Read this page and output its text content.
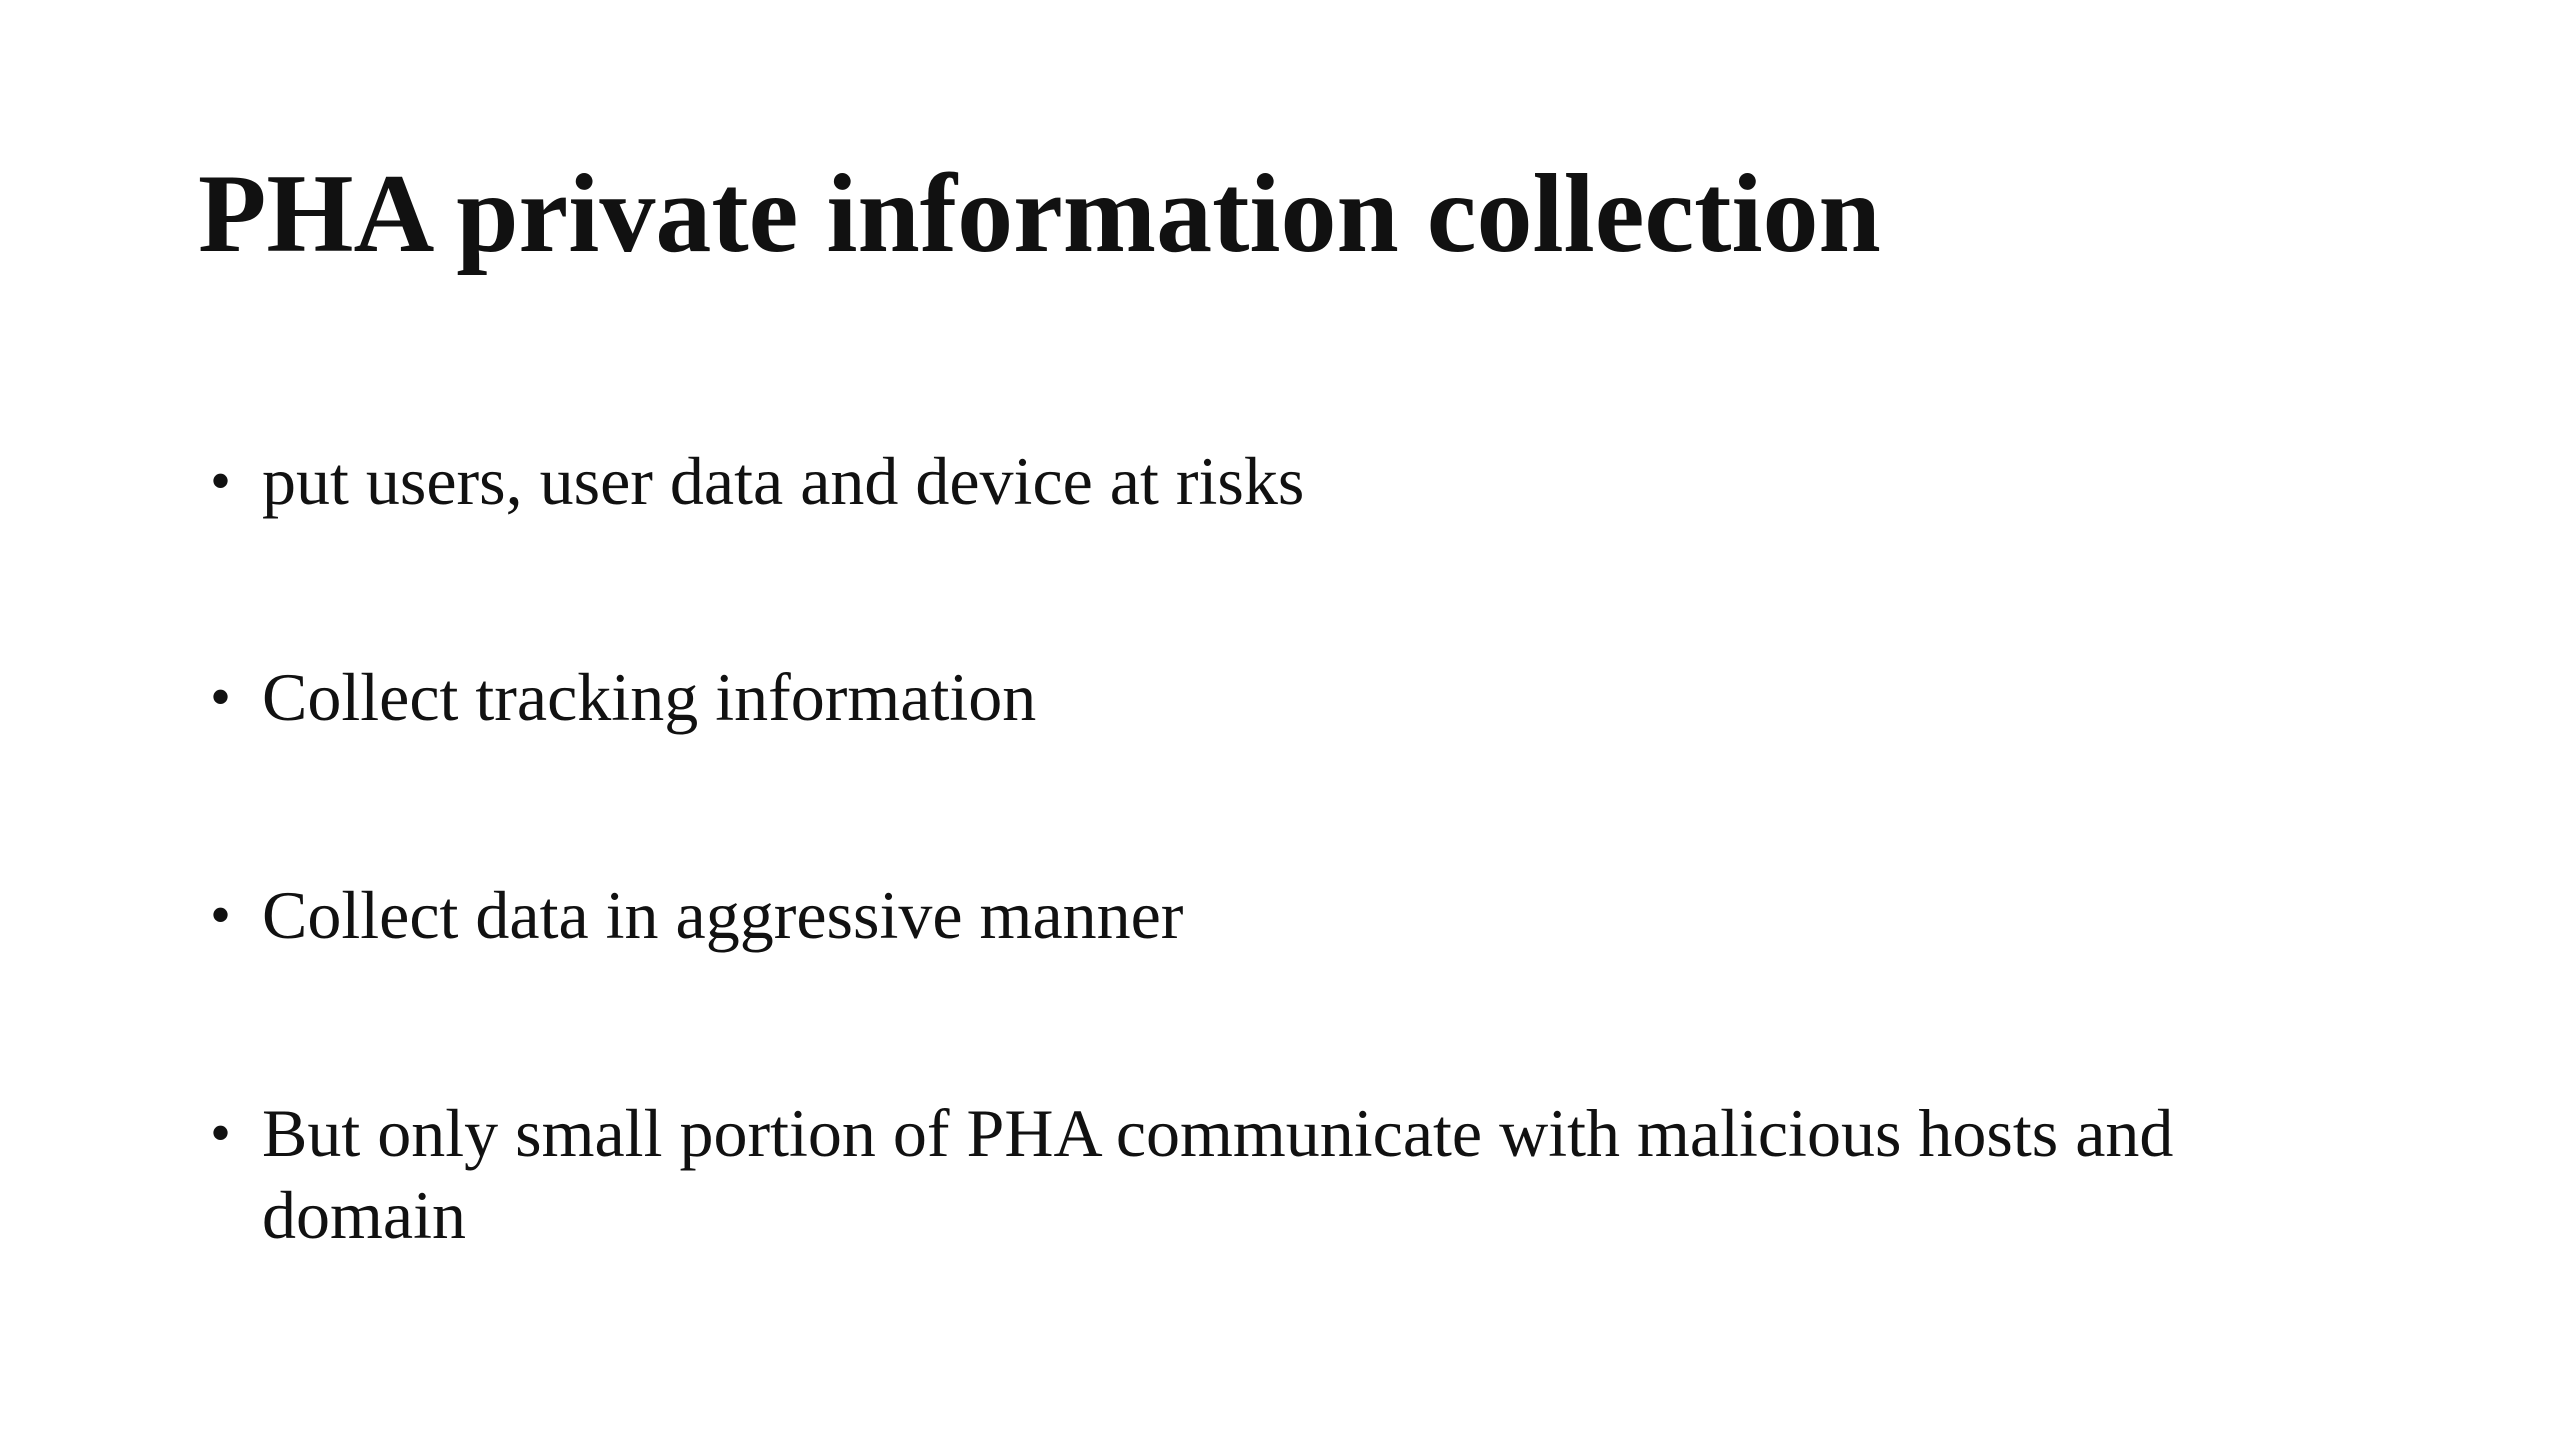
PHA private information collection
• put users, user data and device at risks
• Collect tracking information
• Collect data in aggressive manner
• But only small portion of PHA communicate with malicious hosts and domain
